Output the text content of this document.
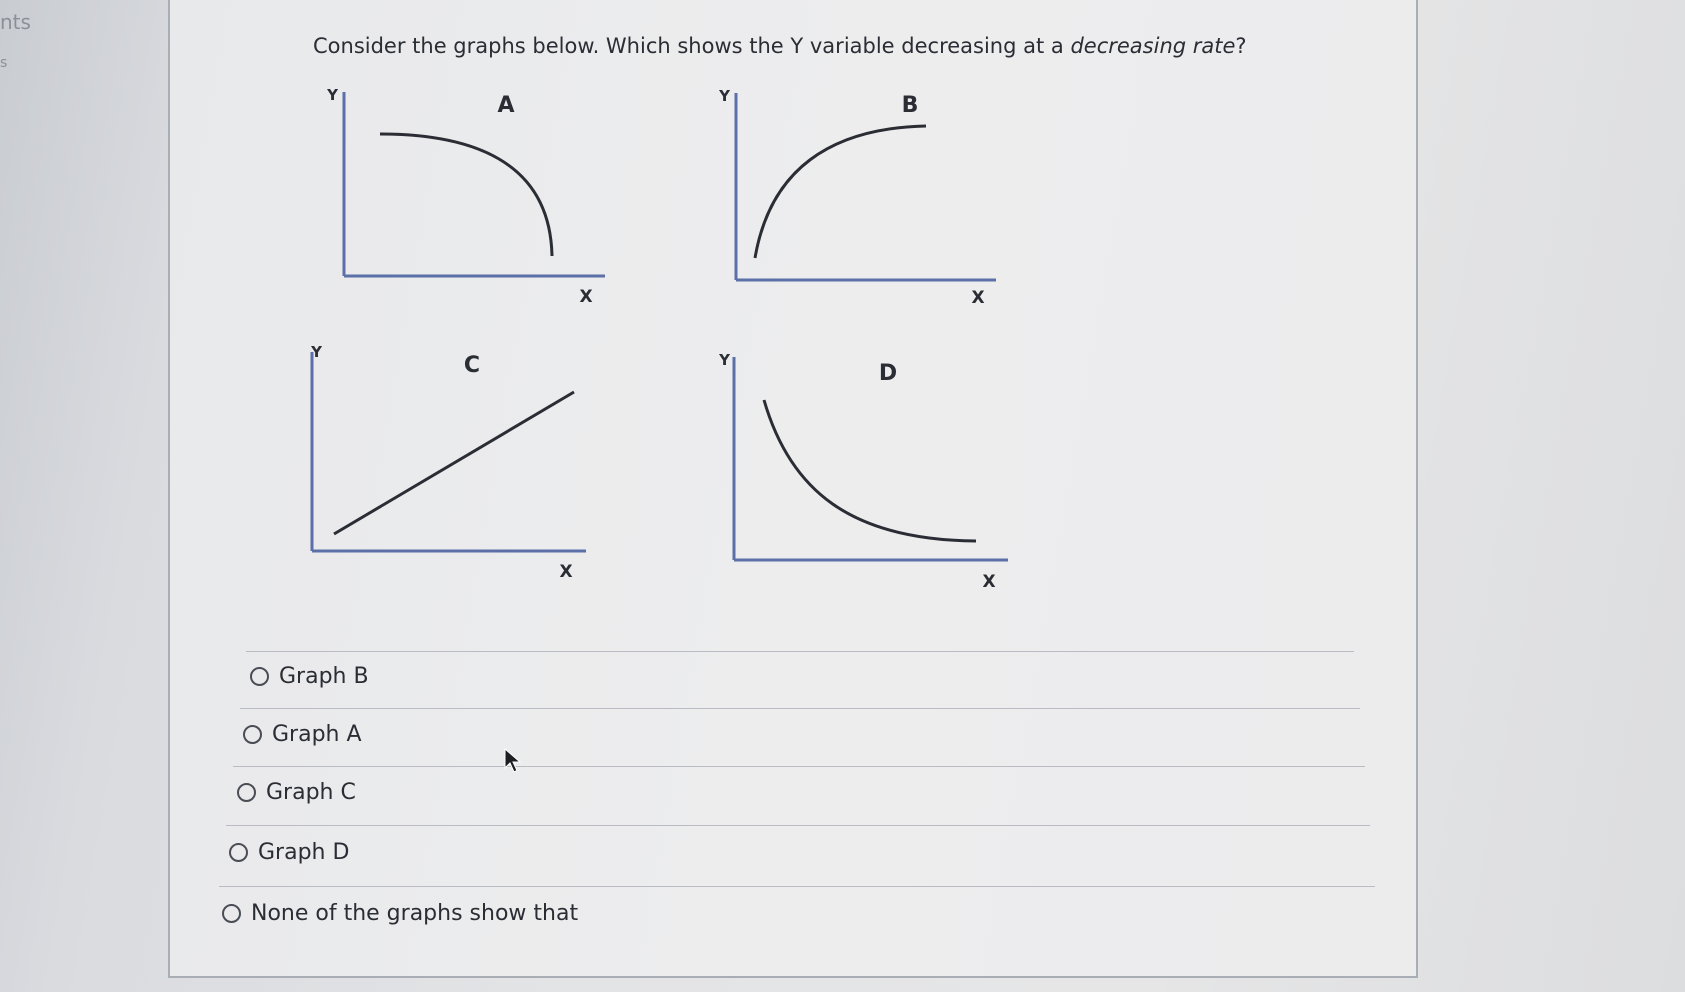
nts
s
Consider the graphs below. Which shows the Y variable decreasing at a decreasing rate?
Y	A
X
Y	B
X
Y
C
X
Y
D
X
Graph B
Graph A
Graph C
Graph D
None of the graphs show that
